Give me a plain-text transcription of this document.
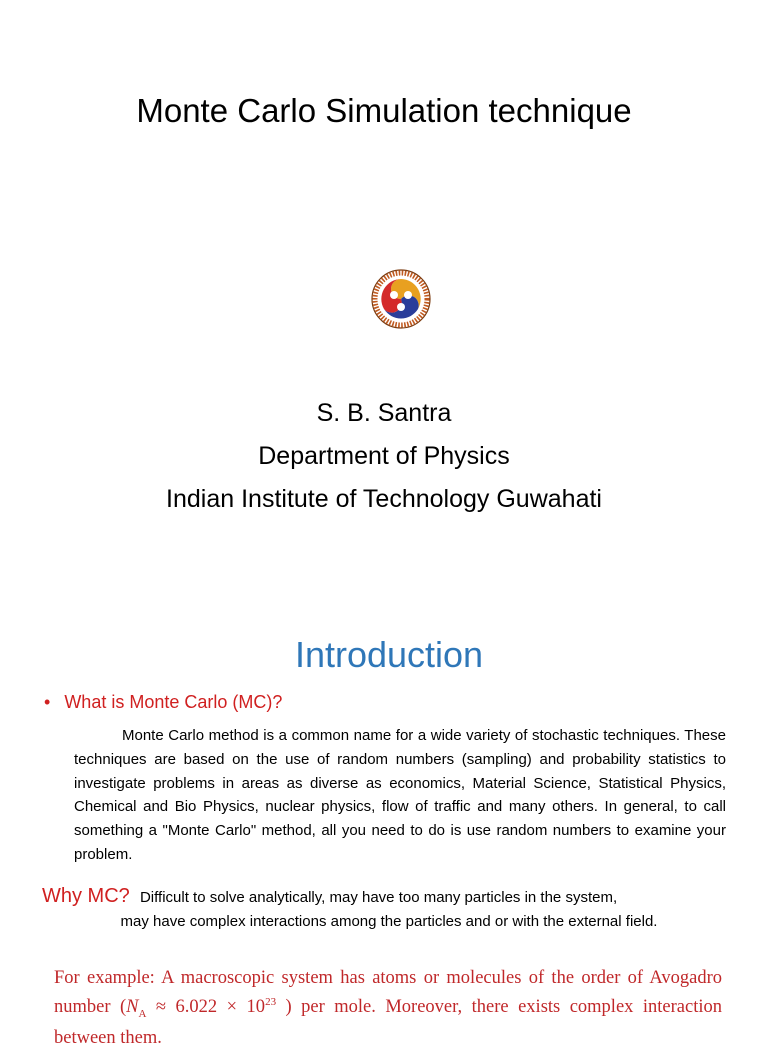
Monte Carlo Simulation technique
S. B. Santra
Department of Physics
Indian Institute of Technology Guwahati
Introduction
• What is Monte Carlo (MC)?

Monte Carlo method is a common name for a wide variety of stochastic techniques. These techniques are based on the use of random numbers (sampling) and probability statistics to investigate problems in areas as diverse as economics, Material Science, Statistical Physics, Chemical and Bio Physics, nuclear physics, flow of traffic and many others. In general, to call something a "Monte Carlo" method, all you need to do is use random numbers to examine your problem.

Why MC? Difficult to solve analytically, may have too many particles in the system,
may have complex interactions among the particles and or with the external field.

For example: A macroscopic system has atoms or molecules of the order of Avogadro number ($N_A \approx 6.022 \times 10^{23}$ ) per mole. Moreover, there exists complex interaction between them.
